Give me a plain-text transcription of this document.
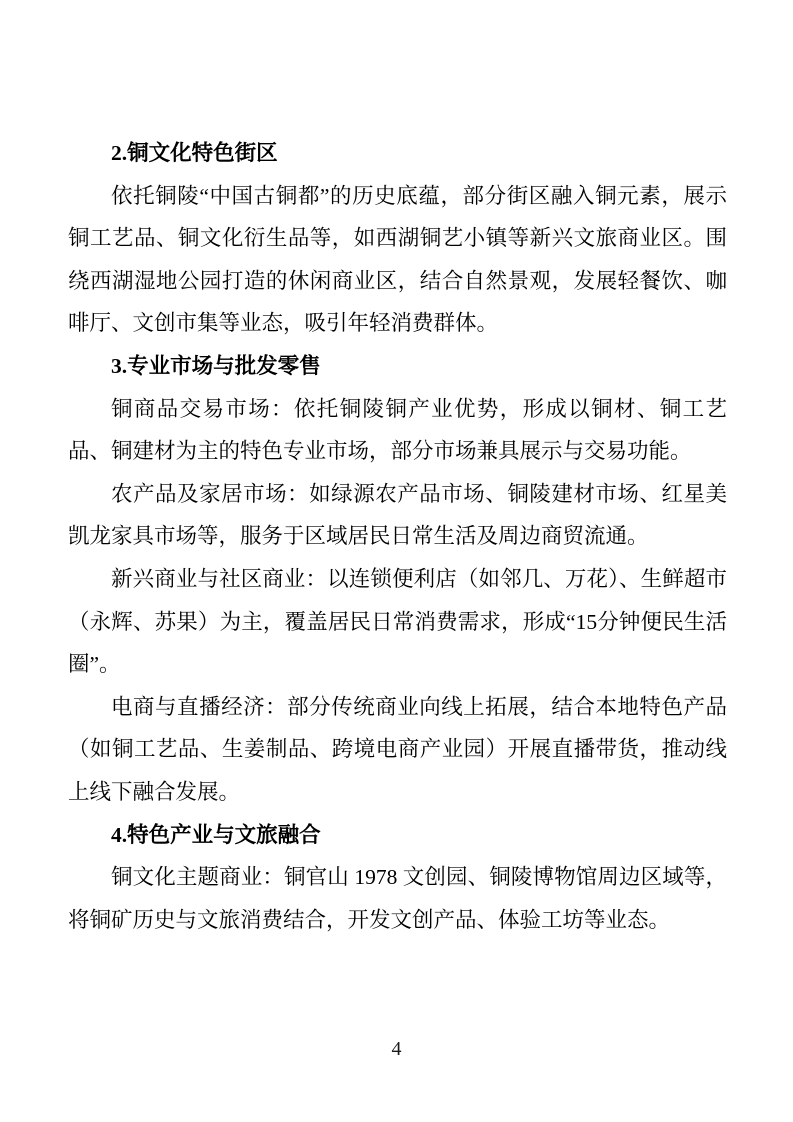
2.铜文化特色街区

依托铜陵“中国古铜都”的历史底蕴，部分街区融入铜元素，展示铜工艺品、铜文化衍生品等，如西湖铜艺小镇等新兴文旅商业区。围绕西湖湿地公园打造的休闲商业区，结合自然景观，发展轻餐饮、咖啡厅、文创市集等业态，吸引年轻消费群体。

3.专业市场与批发零售

铜商品交易市场：依托铜陵铜产业优势，形成以铜材、铜工艺品、铜建材为主的特色专业市场，部分市场兼具展示与交易功能。

农产品及家居市场：如绿源农产品市场、铜陵建材市场、红星美凯龙家具市场等，服务于区域居民日常生活及周边商贸流通。

新兴商业与社区商业：以连锁便利店（如邻几、万花）、生鲜超市（永辉、苏果）为主，覆盖居民日常消费需求，形成“15分钟便民生活圈”。

电商与直播经济：部分传统商业向线上拓展，结合本地特色产品（如铜工艺品、生姜制品、跨境电商产业园）开展直播带货，推动线上线下融合发展。

4.特色产业与文旅融合

铜文化主题商业：铜官山 1978 文创园、铜陵博物馆周边区域等，将铜矿历史与文旅消费结合，开发文创产品、体验工坊等业态。

4
